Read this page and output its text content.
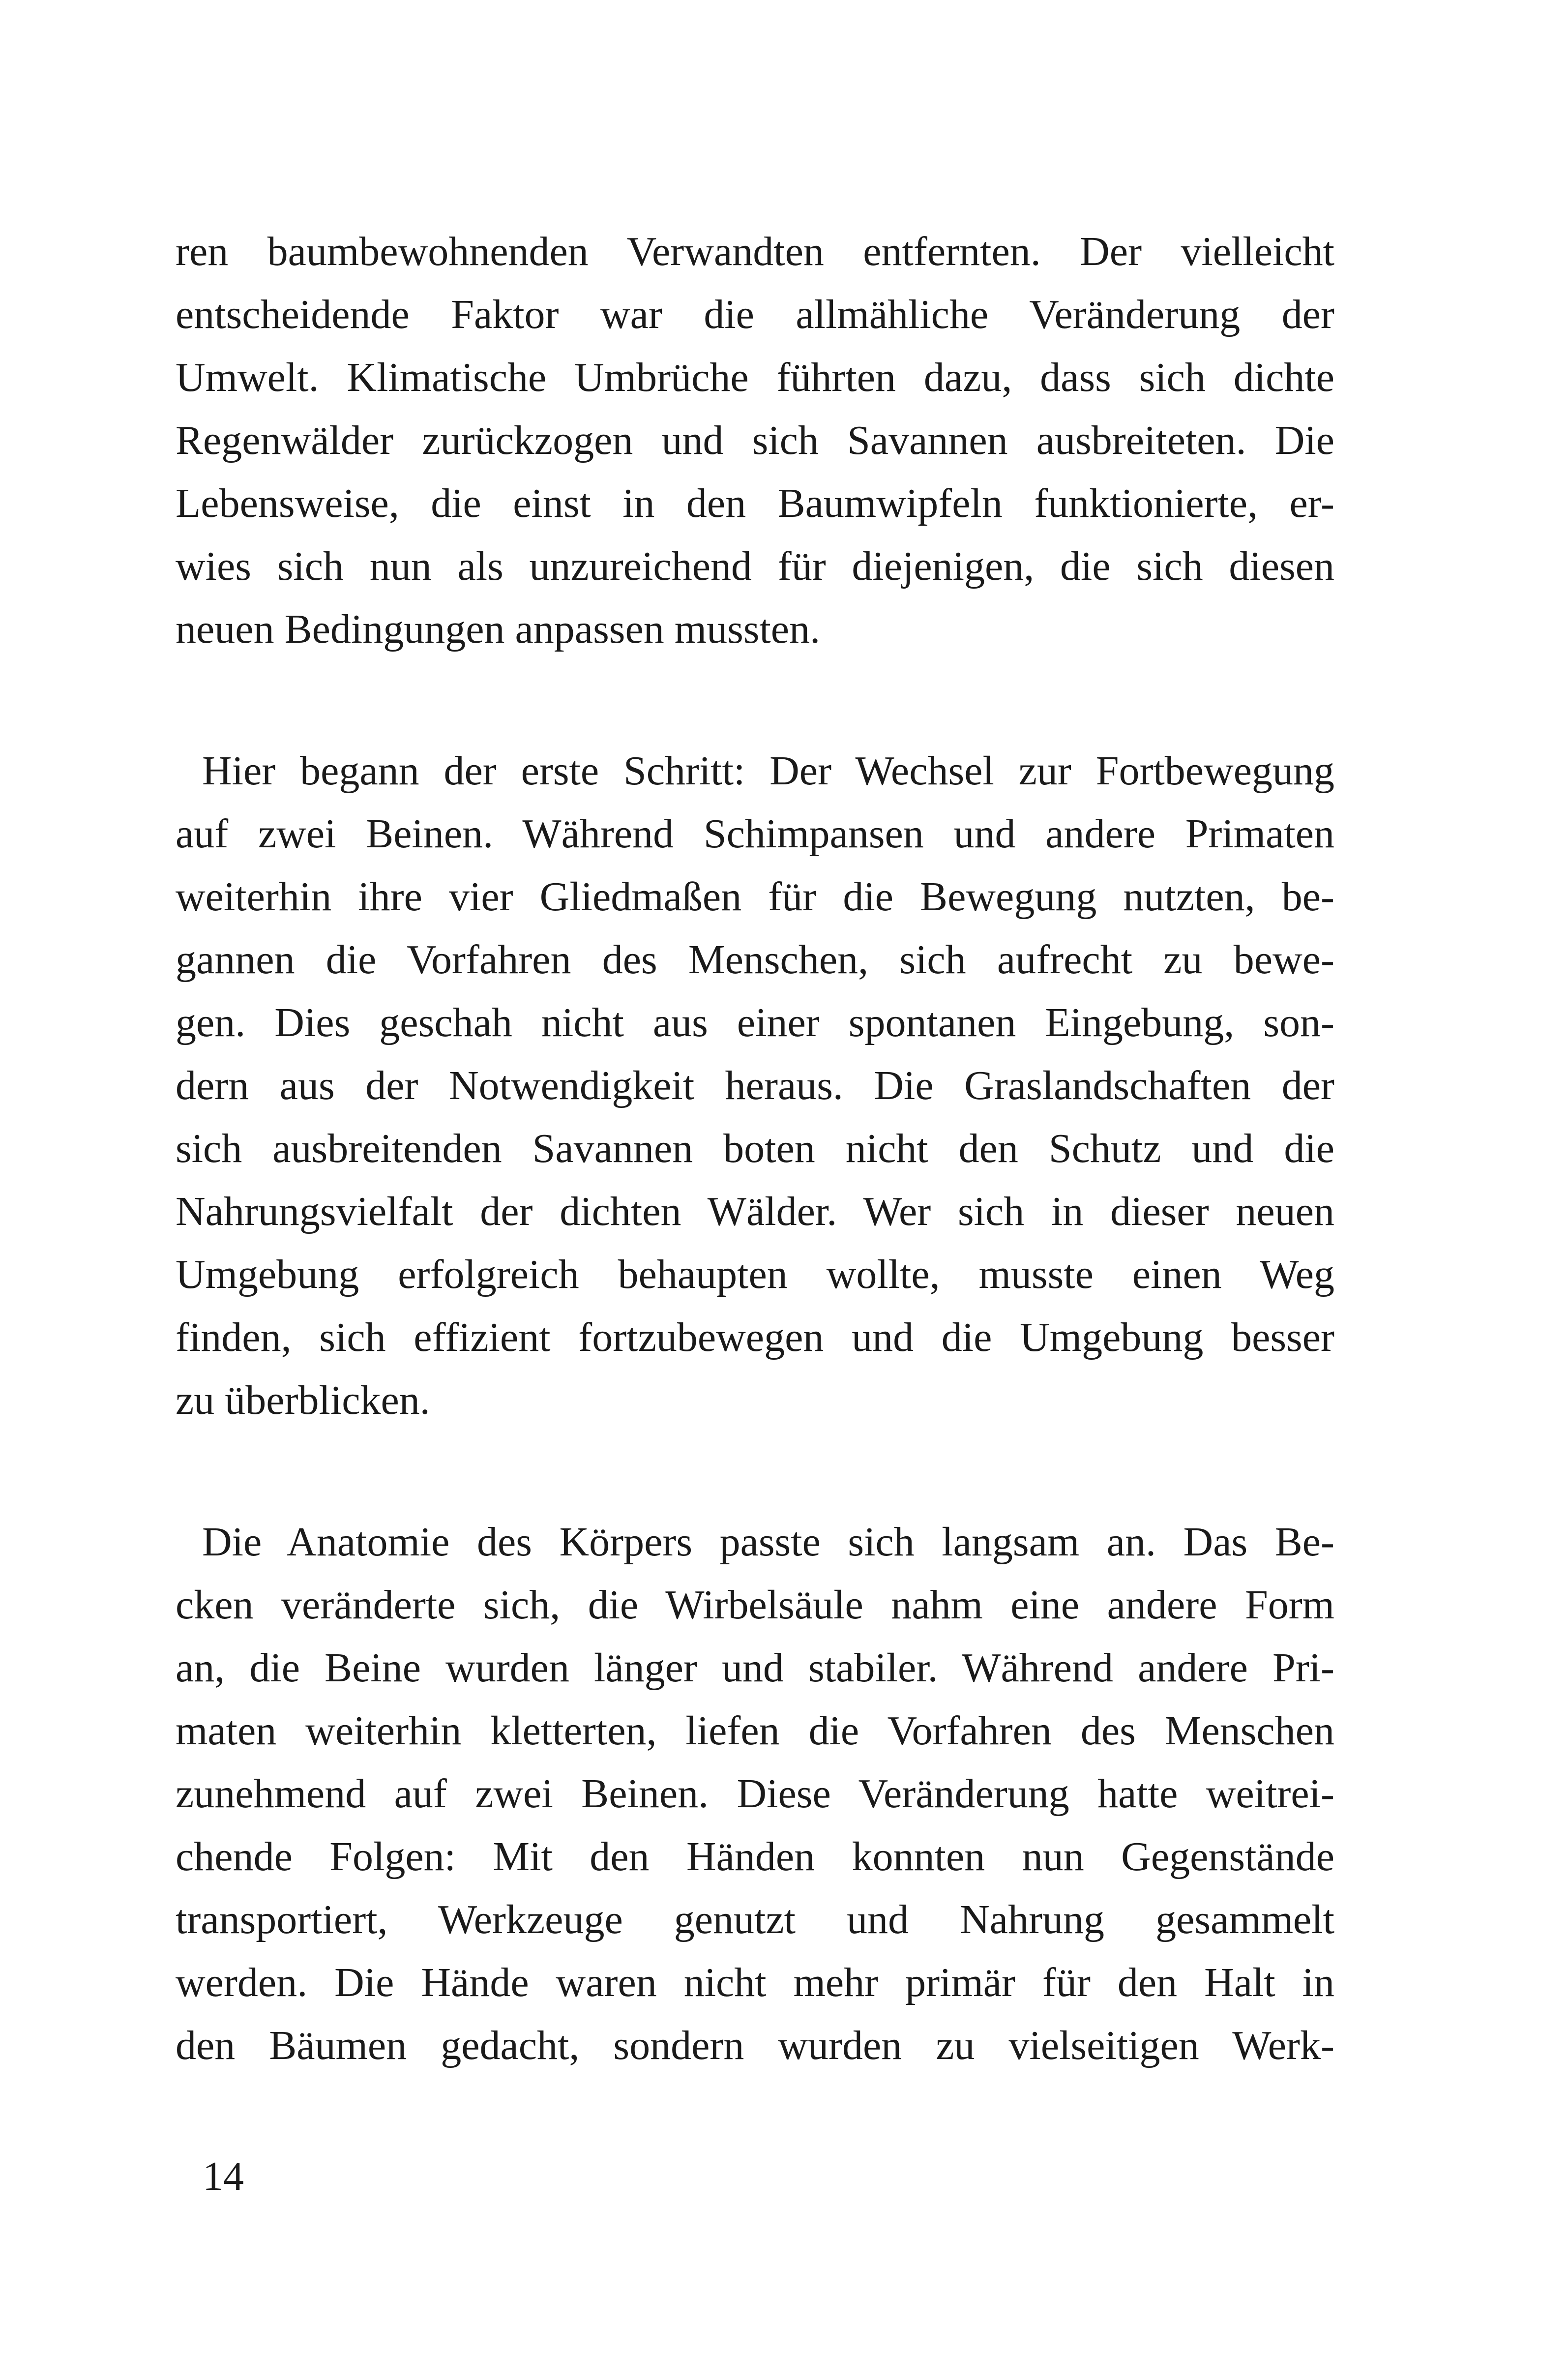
ren baumbewohnenden Verwandten entfernten. Der vielleicht
entscheidende Faktor war die allmähliche Veränderung der
Umwelt. Klimatische Umbrüche führten dazu, dass sich dichte
Regenwälder zurückzogen und sich Savannen ausbreiteten. Die
Lebensweise, die einst in den Baumwipfeln funktionierte, er-
wies sich nun als unzureichend für diejenigen, die sich diesen
neuen Bedingungen anpassen mussten.
Hier begann der erste Schritt: Der Wechsel zur Fortbewegung
auf zwei Beinen. Während Schimpansen und andere Primaten
weiterhin ihre vier Gliedmaßen für die Bewegung nutzten, be-
gannen die Vorfahren des Menschen, sich aufrecht zu bewe-
gen. Dies geschah nicht aus einer spontanen Eingebung, son-
dern aus der Notwendigkeit heraus. Die Graslandschaften der
sich ausbreitenden Savannen boten nicht den Schutz und die
Nahrungsvielfalt der dichten Wälder. Wer sich in dieser neuen
Umgebung erfolgreich behaupten wollte, musste einen Weg
finden, sich effizient fortzubewegen und die Umgebung besser
zu überblicken.
Die Anatomie des Körpers passte sich langsam an. Das Be-
cken veränderte sich, die Wirbelsäule nahm eine andere Form
an, die Beine wurden länger und stabiler. Während andere Pri-
maten weiterhin kletterten, liefen die Vorfahren des Menschen
zunehmend auf zwei Beinen. Diese Veränderung hatte weitrei-
chende Folgen: Mit den Händen konnten nun Gegenstände
transportiert, Werkzeuge genutzt und Nahrung gesammelt
werden. Die Hände waren nicht mehr primär für den Halt in
den Bäumen gedacht, sondern wurden zu vielseitigen Werk-
14
